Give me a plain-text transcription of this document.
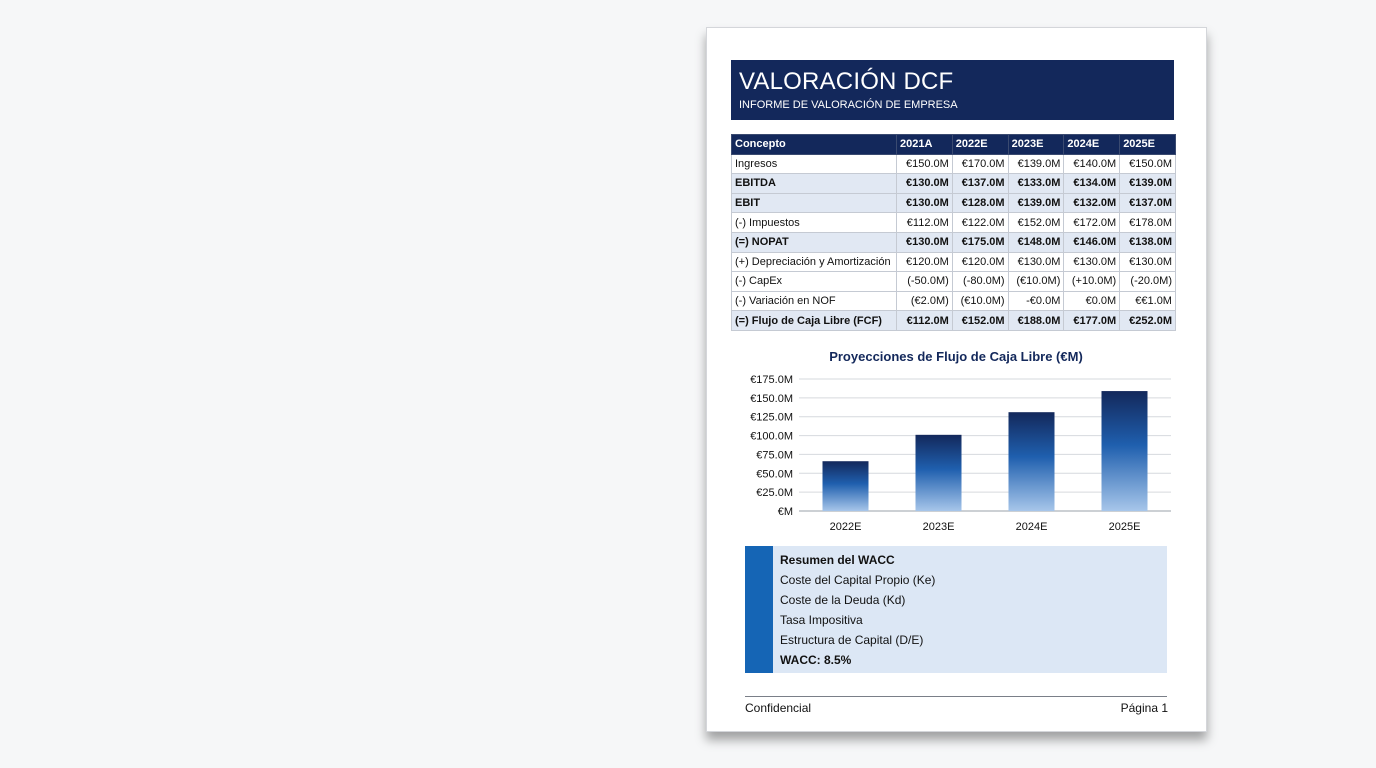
VALORACIÓN DCF
INFORME DE VALORACIÓN DE EMPRESA
Concepto	2021A	2022E	2023E	2024E	2025E
Ingresos	€150.0M	€170.0M	€139.0M	€140.0M	€150.0M
EBITDA	€130.0M	€137.0M	€133.0M	€134.0M	€139.0M
EBIT	€130.0M	€128.0M	€139.0M	€132.0M	€137.0M
(-) Impuestos	€112.0M	€122.0M	€152.0M	€172.0M	€178.0M
(=) NOPAT	€130.0M	€175.0M	€148.0M	€146.0M	€138.0M
(+) Depreciación y Amortización	€120.0M	€120.0M	€130.0M	€130.0M	€130.0M
(-) CapEx	(-50.0M)	(-80.0M)	(€10.0M)	(+10.0M)	(-20.0M)
(-) Variación en NOF	(€2.0M)	(€10.0M)	-€0.0M	€0.0M	€€1.0M
(=) Flujo de Caja Libre (FCF)	€112.0M	€152.0M	€188.0M	€177.0M	€252.0M
Proyecciones de Flujo de Caja Libre (€M)
€M
€25.0M
€50.0M
€75.0M
€100.0M
€125.0M
€150.0M
€175.0M
2022E	2023E	2024E	2025E
Resumen del WACC
Coste del Capital Propio (Ke)
Coste de la Deuda (Kd)
Tasa Impositiva
Estructura de Capital (D/E)
WACC: 8.5%
Confidencial	Página 1
